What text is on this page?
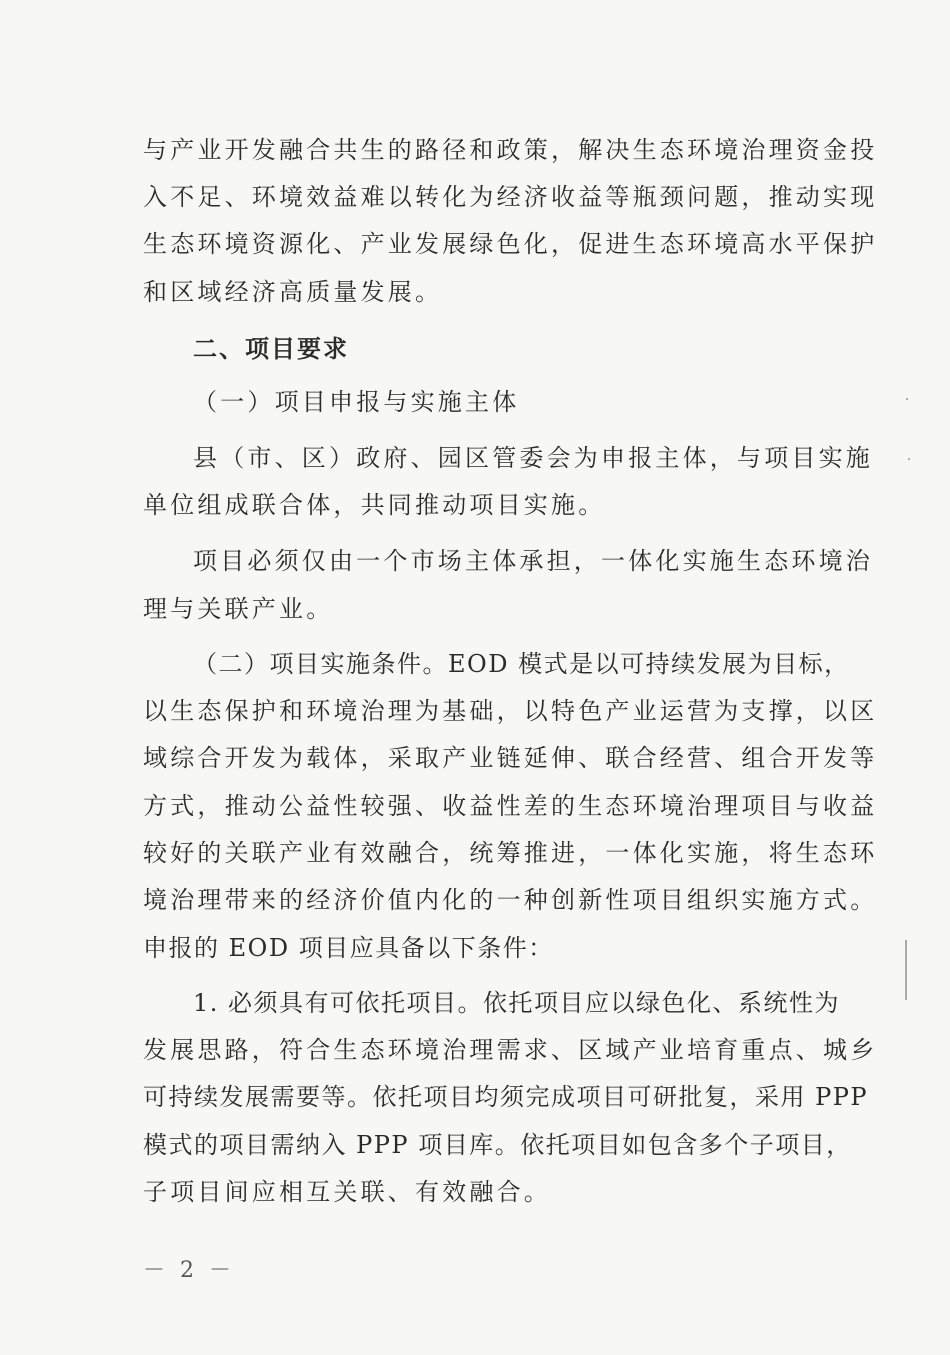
与产业开发融合共生的路径和政策，解决生态环境治理资金投
入不足、环境效益难以转化为经济收益等瓶颈问题，推动实现
生态环境资源化、产业发展绿色化，促进生态环境高水平保护
和区域经济高质量发展。
二、项目要求
（一）项目申报与实施主体
县（市、区）政府、园区管委会为申报主体，与项目实施
单位组成联合体，共同推动项目实施。
项目必须仅由一个市场主体承担，一体化实施生态环境治
理与关联产业。
（二）项目实施条件。EOD 模式是以可持续发展为目标，
以生态保护和环境治理为基础，以特色产业运营为支撑，以区
域综合开发为载体，采取产业链延伸、联合经营、组合开发等
方式，推动公益性较强、收益性差的生态环境治理项目与收益
较好的关联产业有效融合，统筹推进，一体化实施，将生态环
境治理带来的经济价值内化的一种创新性项目组织实施方式。
申报的 EOD 项目应具备以下条件：
1. 必须具有可依托项目。依托项目应以绿色化、系统性为
发展思路，符合生态环境治理需求、区域产业培育重点、城乡
可持续发展需要等。依托项目均须完成项目可研批复，采用 PPP
模式的项目需纳入 PPP 项目库。依托项目如包含多个子项目，
子项目间应相互关联、有效融合。
－ 2 －
